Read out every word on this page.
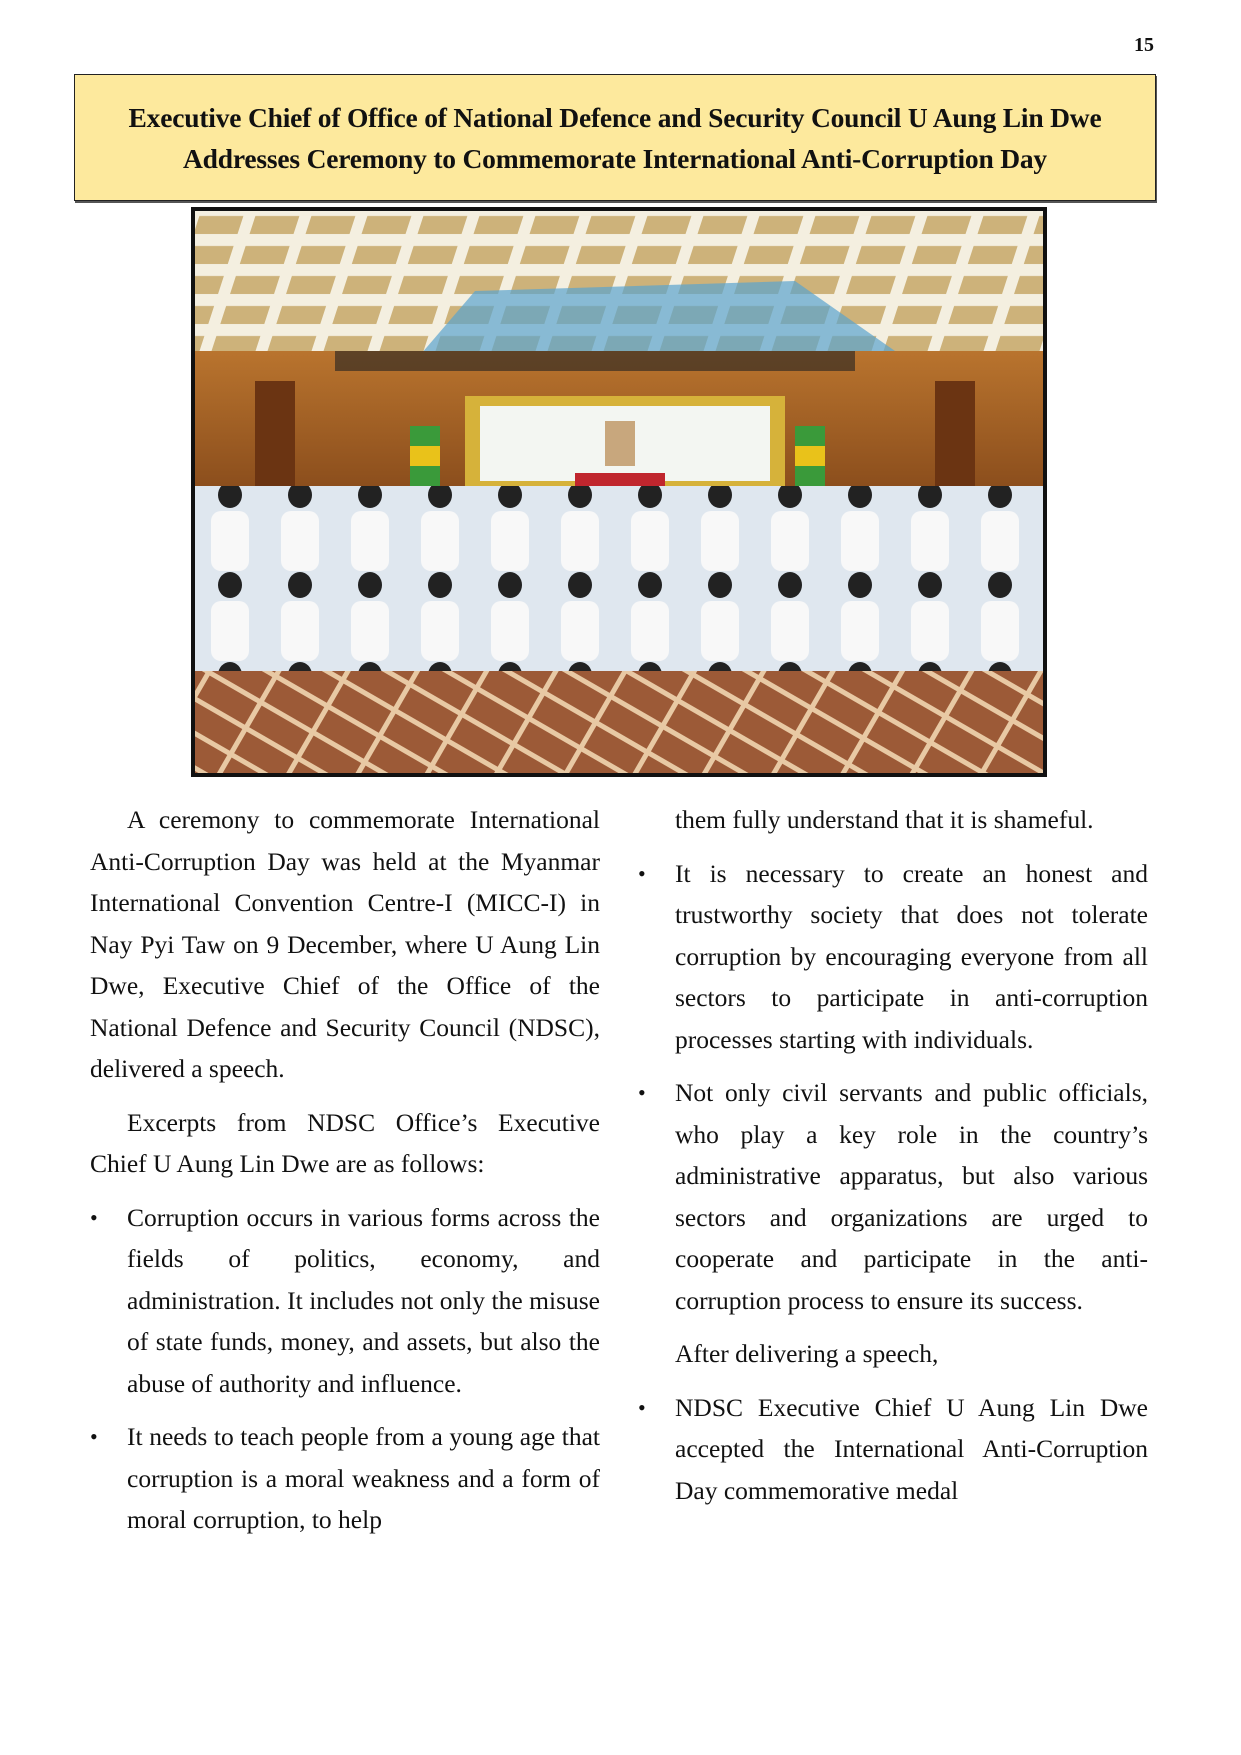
15
Executive Chief of Office of National Defence and Security Council U Aung Lin Dwe Addresses Ceremony to Commemorate International Anti-Corruption Day

A ceremony to commemorate International Anti-Corruption Day was held at the Myanmar International Convention Centre-I (MICC-I) in Nay Pyi Taw on 9 December, where U Aung Lin Dwe, Executive Chief of the Office of the National Defence and Security Council (NDSC), delivered a speech.

Excerpts from NDSC Office’s Executive Chief U Aung Lin Dwe are as follows:

•	Corruption occurs in various forms across the fields of politics, economy, and administration. It includes not only the misuse of state funds, money, and assets, but also the abuse of authority and influence.
•	It needs to teach people from a young age that corruption is a moral weakness and a form of moral corruption, to help

them fully understand that it is shameful.

•	It is necessary to create an honest and trustworthy society that does not tolerate corruption by encouraging everyone from all sectors to participate in anti-corruption processes starting with individuals.
•	Not only civil servants and public officials, who play a key role in the country’s administrative apparatus, but also various sectors and organizations are urged to cooperate and participate in the anti-corruption process to ensure its success.

After delivering a speech,

•	NDSC Executive Chief U Aung Lin Dwe accepted the International Anti-Corruption Day commemorative medal
